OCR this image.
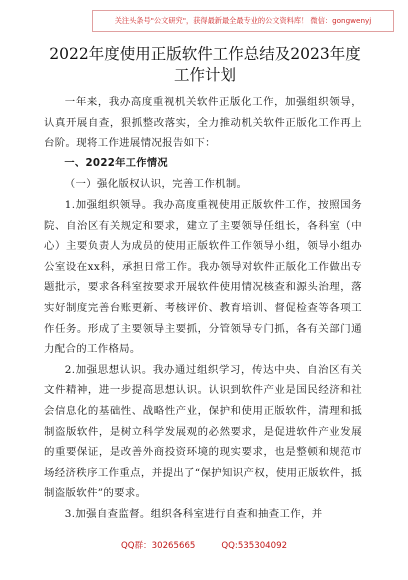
关注头条号"公文研究"，获得最新最全最专业的公文资料库！ 微信：gongwenyj
2022年度使用正版软件工作总结及2023年度工作计划

一年来，我办高度重视机关软件正版化工作，加强组织领导，认真开展自查，狠抓整改落实，全力推动机关软件正版化工作再上台阶。现将工作进展情况报告如下：

一、2022年工作情况

（一）强化版权认识，完善工作机制。

1.加强组织领导。我办高度重视使用正版软件工作，按照国务院、自治区有关规定和要求，建立了主要领导任组长，各科室（中心）主要负责人为成员的使用正版软件工作领导小组，领导小组办公室设在xx科，承担日常工作。我办领导对软件正版化工作做出专题批示，要求各科室按要求开展软件使用情况核查和源头治理，落实好制度完善台账更新、考核评价、教育培训、督促检查等各项工作任务。形成了主要领导主要抓，分管领导专门抓，各有关部门通力配合的工作格局。

2.加强思想认识。我办通过组织学习，传达中央、自治区有关文件精神，进一步提高思想认识。认识到软件产业是国民经济和社会信息化的基础性、战略性产业，保护和使用正版软件，清理和抵制盗版软件，是树立科学发展观的必然要求，是促进软件产业发展的重要保证，是改善外商投资环境的现实要求，也是整顿和规范市场经济秩序工作重点，并提出了“保护知识产权，使用正版软件，抵制盗版软件”的要求。

3.加强自查监督。组织各科室进行自查和抽查工作，并

QQ群：30265665	QQ:535304092
